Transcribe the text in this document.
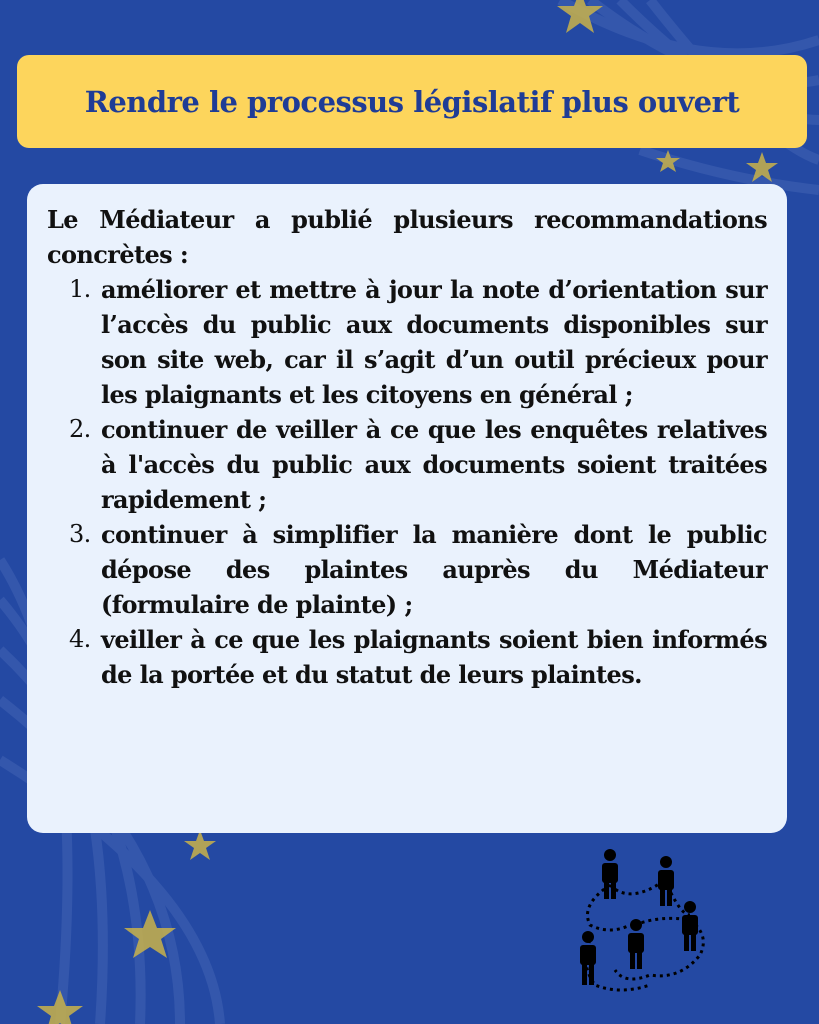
Rendre le processus législatif plus ouvert

Le Médiateur a publié plusieurs recommandations concrètes :

1. améliorer et mettre à jour la note d’orientation sur l’accès du public aux documents disponibles sur son site web, car il s’agit d’un outil précieux pour les plaignants et les citoyens en général ;
2. continuer de veiller à ce que les enquêtes relatives à l'accès du public aux documents soient traitées rapidement ;
3. continuer à simplifier la manière dont le public dépose des plaintes auprès du Médiateur (formulaire de plainte) ;
4. veiller à ce que les plaignants soient bien informés de la portée et du statut de leurs plaintes.
